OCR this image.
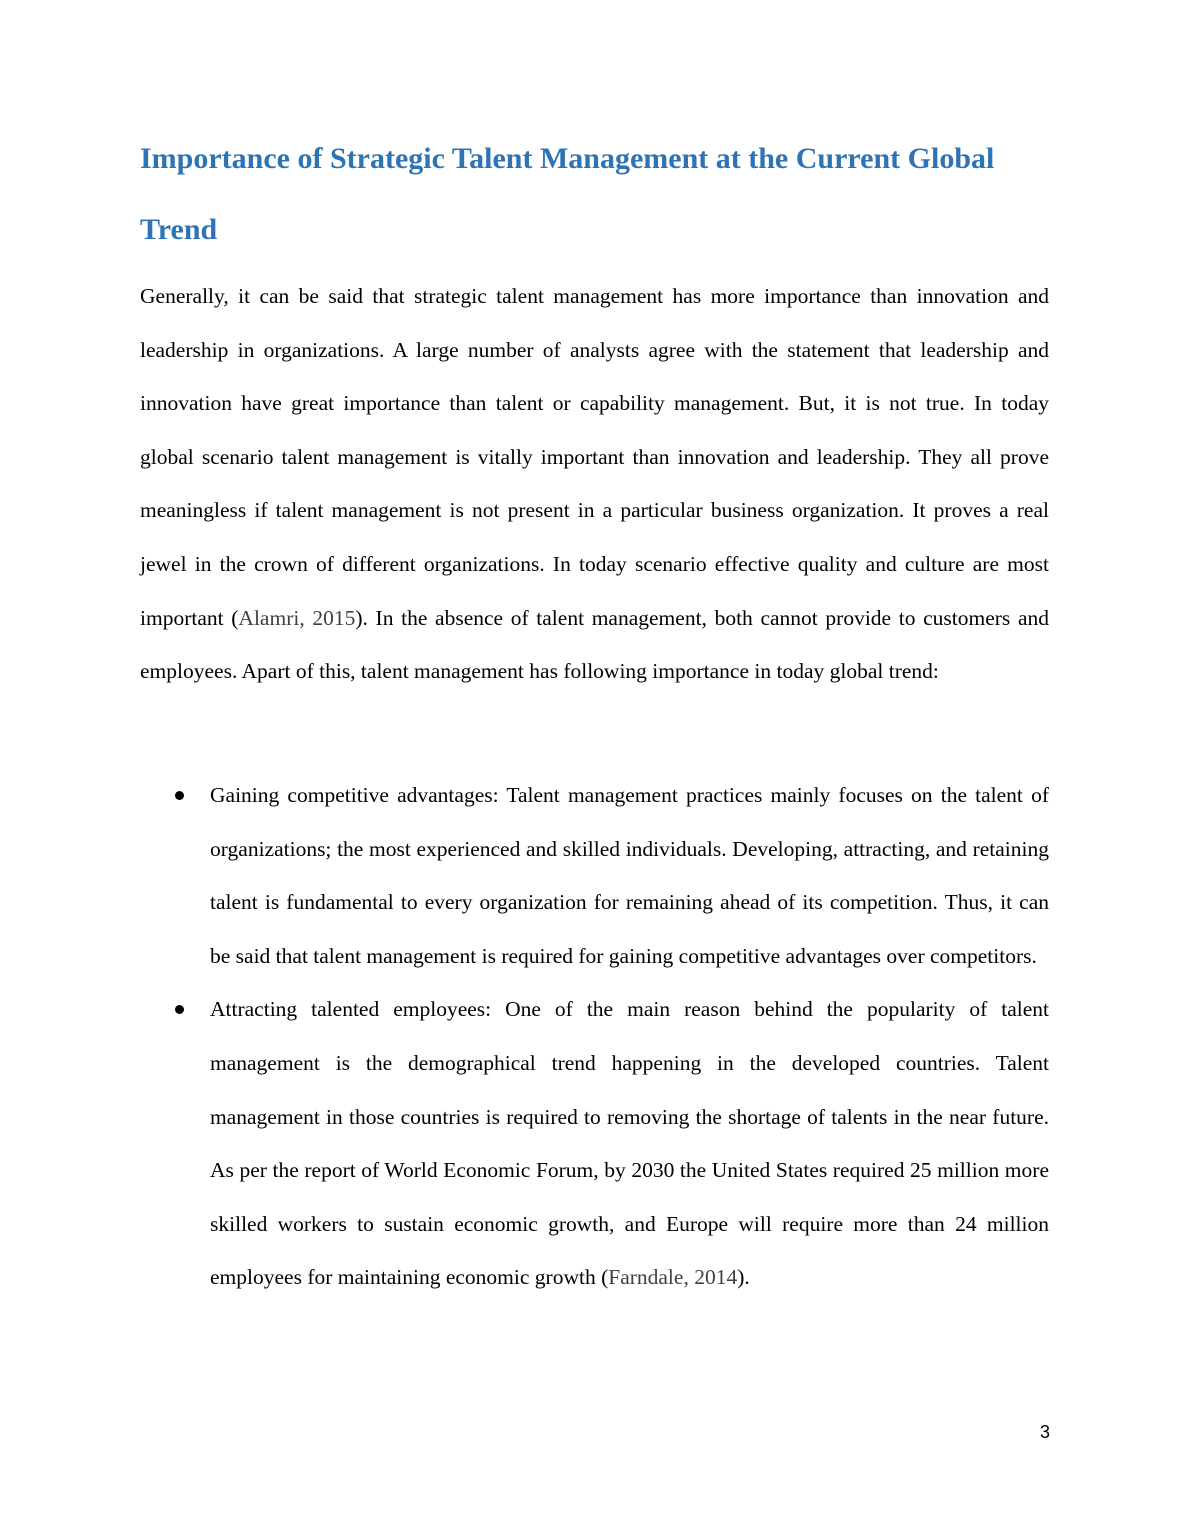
Importance of Strategic Talent Management at the Current Global Trend

Generally, it can be said that strategic talent management has more importance than innovation and leadership in organizations. A large number of analysts agree with the statement that leadership and innovation have great importance than talent or capability management. But, it is not true. In today global scenario talent management is vitally important than innovation and leadership. They all prove meaningless if talent management is not present in a particular business organization. It proves a real jewel in the crown of different organizations. In today scenario effective quality and culture are most important (Alamri, 2015). In the absence of talent management, both cannot provide to customers and employees. Apart of this, talent management has following importance in today global trend:

Gaining competitive advantages: Talent management practices mainly focuses on the talent of organizations; the most experienced and skilled individuals. Developing, attracting, and retaining talent is fundamental to every organization for remaining ahead of its competition. Thus, it can be said that talent management is required for gaining competitive advantages over competitors.
Attracting talented employees: One of the main reason behind the popularity of talent management is the demographical trend happening in the developed countries. Talent management in those countries is required to removing the shortage of talents in the near future. As per the report of World Economic Forum, by 2030 the United States required 25 million more skilled workers to sustain economic growth, and Europe will require more than 24 million employees for maintaining economic growth (Farndale, 2014).
3
